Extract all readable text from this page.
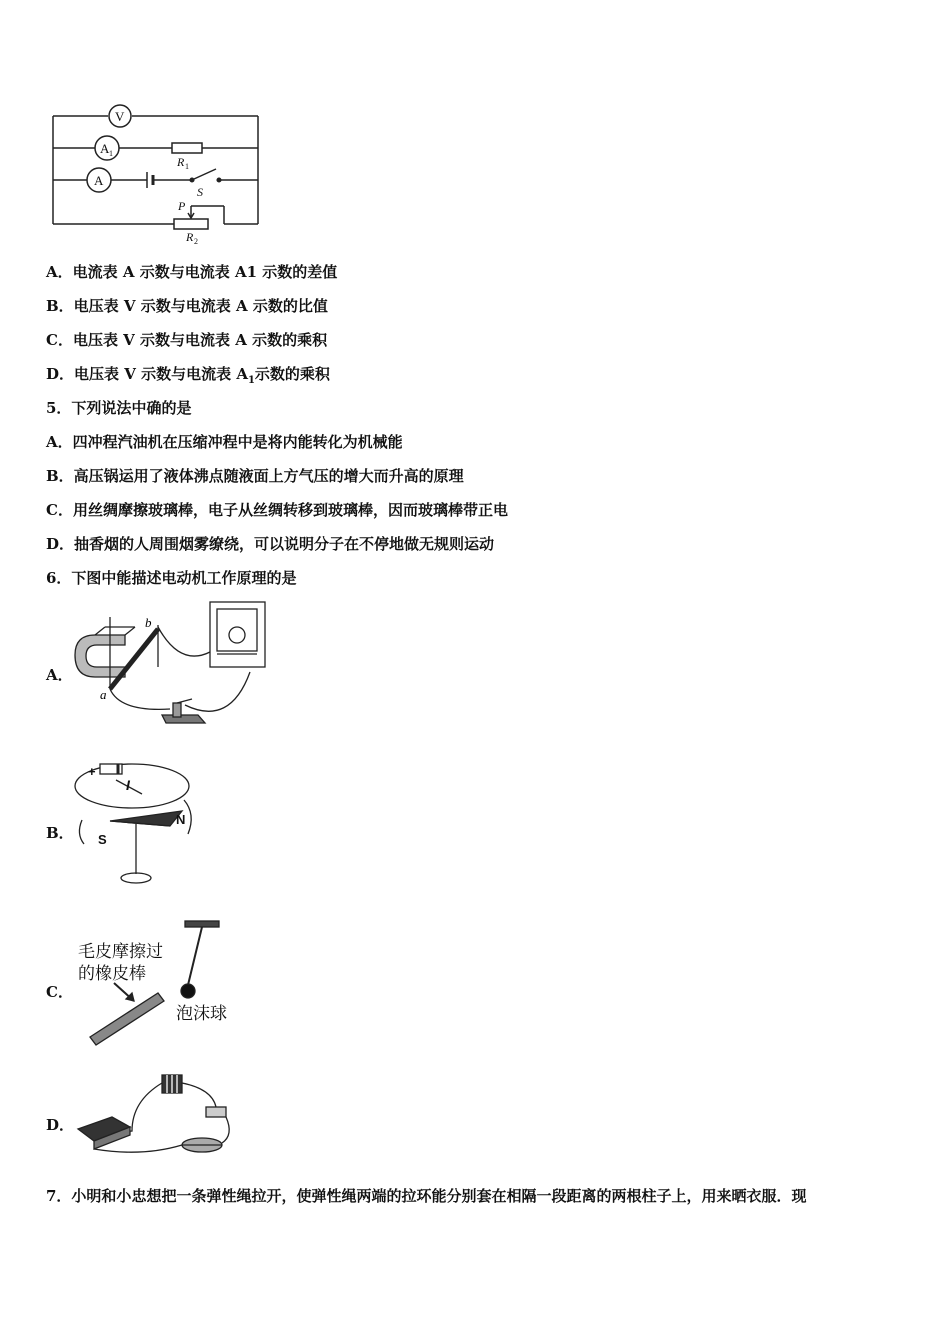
V
A 1
A
R 1
S
P
R 2
A．电流表 A 示数与电流表 A1 示数的差值
B．电压表 V 示数与电流表 A 示数的比值
C．电压表 V 示数与电流表 A 示数的乘积
D．电压表 V 示数与电流表 $A_1$示数的乘积
5．下列说法中确的是
A．四冲程汽油机在压缩冲程中是将内能转化为机械能
B．高压锅运用了液体沸点随液面上方气压的增大而升高的原理
C．用丝绸摩擦玻璃棒，电子从丝绸转移到玻璃棒，因而玻璃棒带正电
D．抽香烟的人周围烟雾缭绕，可以说明分子在不停地做无规则运动
6．下图中能描述电动机工作原理的是
A．
b
a
B．
+
I
N
S
C．
毛皮摩擦过
的橡皮棒
泡沫球
D．
7．小明和小忠想把一条弹性绳拉开，使弹性绳两端的拉环能分别套在相隔一段距离的两根柱子上，用来晒衣服．现
